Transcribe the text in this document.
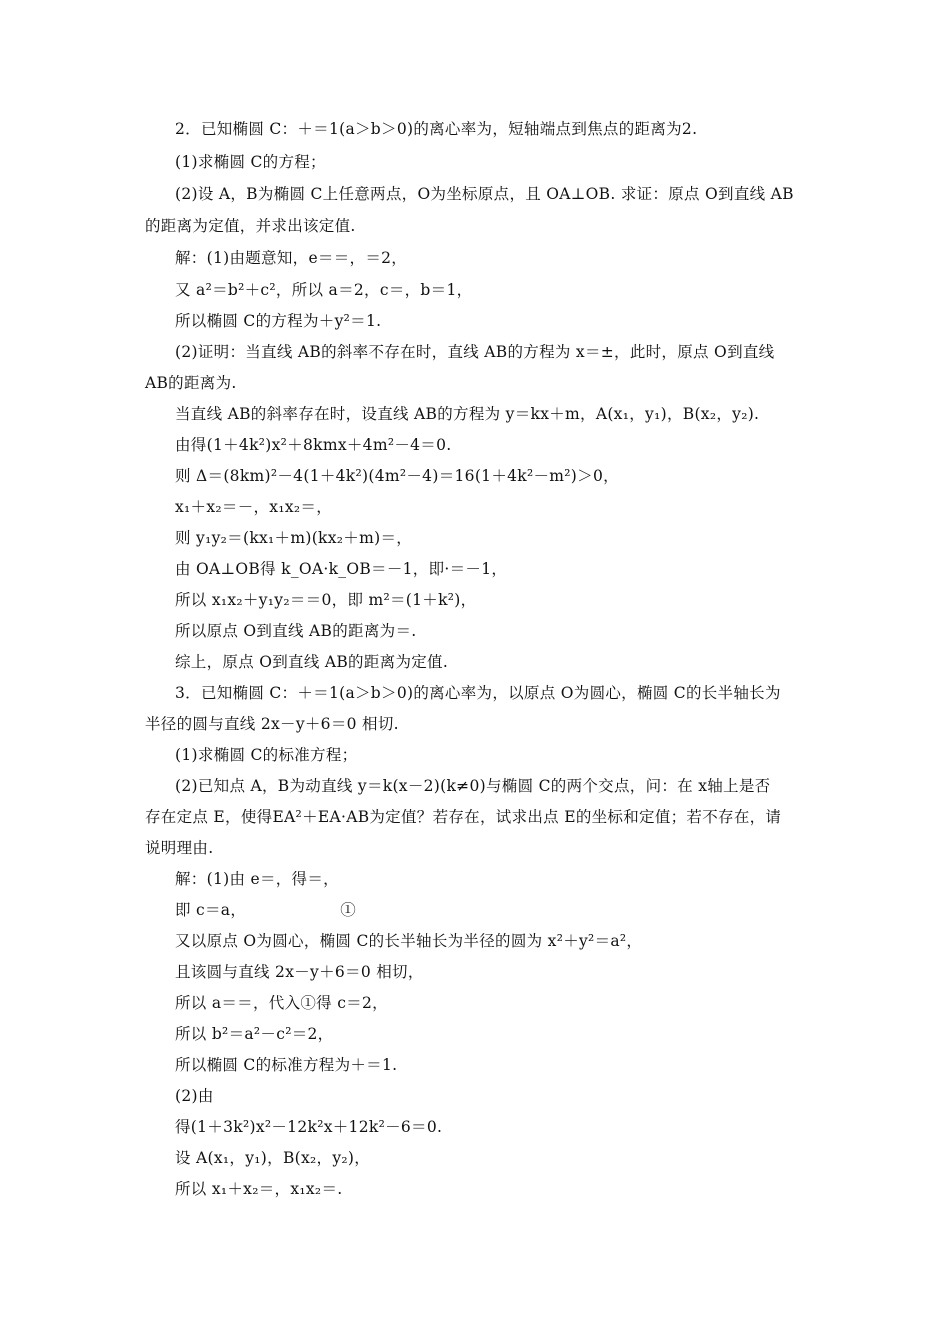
2．已知椭圆 C：＋＝1(a＞b＞0)的离心率为，短轴端点到焦点的距离为2.
(1)求椭圆 C的方程；
(2)设 A，B为椭圆 C上任意两点，O为坐标原点，且 OA⊥OB. 求证：原点 O到直线 AB
的距离为定值，并求出该定值.
解：(1)由题意知，e＝＝，＝2，
又 a²＝b²＋c²，所以 a＝2，c＝，b＝1，
所以椭圆 C的方程为＋y²＝1.
(2)证明：当直线 AB的斜率不存在时，直线 AB的方程为 x＝±，此时，原点 O到直线
AB的距离为.
当直线 AB的斜率存在时，设直线 AB的方程为 y＝kx＋m，A(x₁，y₁)，B(x₂，y₂).
由得(1＋4k²)x²＋8kmx＋4m²－4＝0.
则 Δ＝(8km)²－4(1＋4k²)(4m²－4)＝16(1＋4k²－m²)＞0，
x₁＋x₂＝－，x₁x₂＝，
则 y₁y₂＝(kx₁＋m)(kx₂＋m)＝，
由 OA⊥OB得 k_OA·k_OB＝－1，即·＝－1，
所以 x₁x₂＋y₁y₂＝＝0，即 m²＝(1＋k²)，
所以原点 O到直线 AB的距离为＝.
综上，原点 O到直线 AB的距离为定值.
3．已知椭圆 C：＋＝1(a＞b＞0)的离心率为，以原点 O为圆心，椭圆 C的长半轴长为
半径的圆与直线 2x－y＋6＝0 相切.
(1)求椭圆 C的标准方程；
(2)已知点 A，B为动直线 y＝k(x－2)(k≠0)与椭圆 C的两个交点，问：在 x轴上是否
存在定点 E，使得EA²＋EA·AB为定值？若存在，试求出点 E的坐标和定值；若不存在，请
说明理由.
解：(1)由 e＝，得＝，
即 c＝a，                  ①
又以原点 O为圆心，椭圆 C的长半轴长为半径的圆为 x²＋y²＝a²，
且该圆与直线 2x－y＋6＝0 相切，
所以 a＝＝，代入①得 c＝2，
所以 b²＝a²－c²＝2，
所以椭圆 C的标准方程为＋＝1.
(2)由
得(1＋3k²)x²－12k²x＋12k²－6＝0.
设 A(x₁，y₁)，B(x₂，y₂)，
所以 x₁＋x₂＝，x₁x₂＝.
